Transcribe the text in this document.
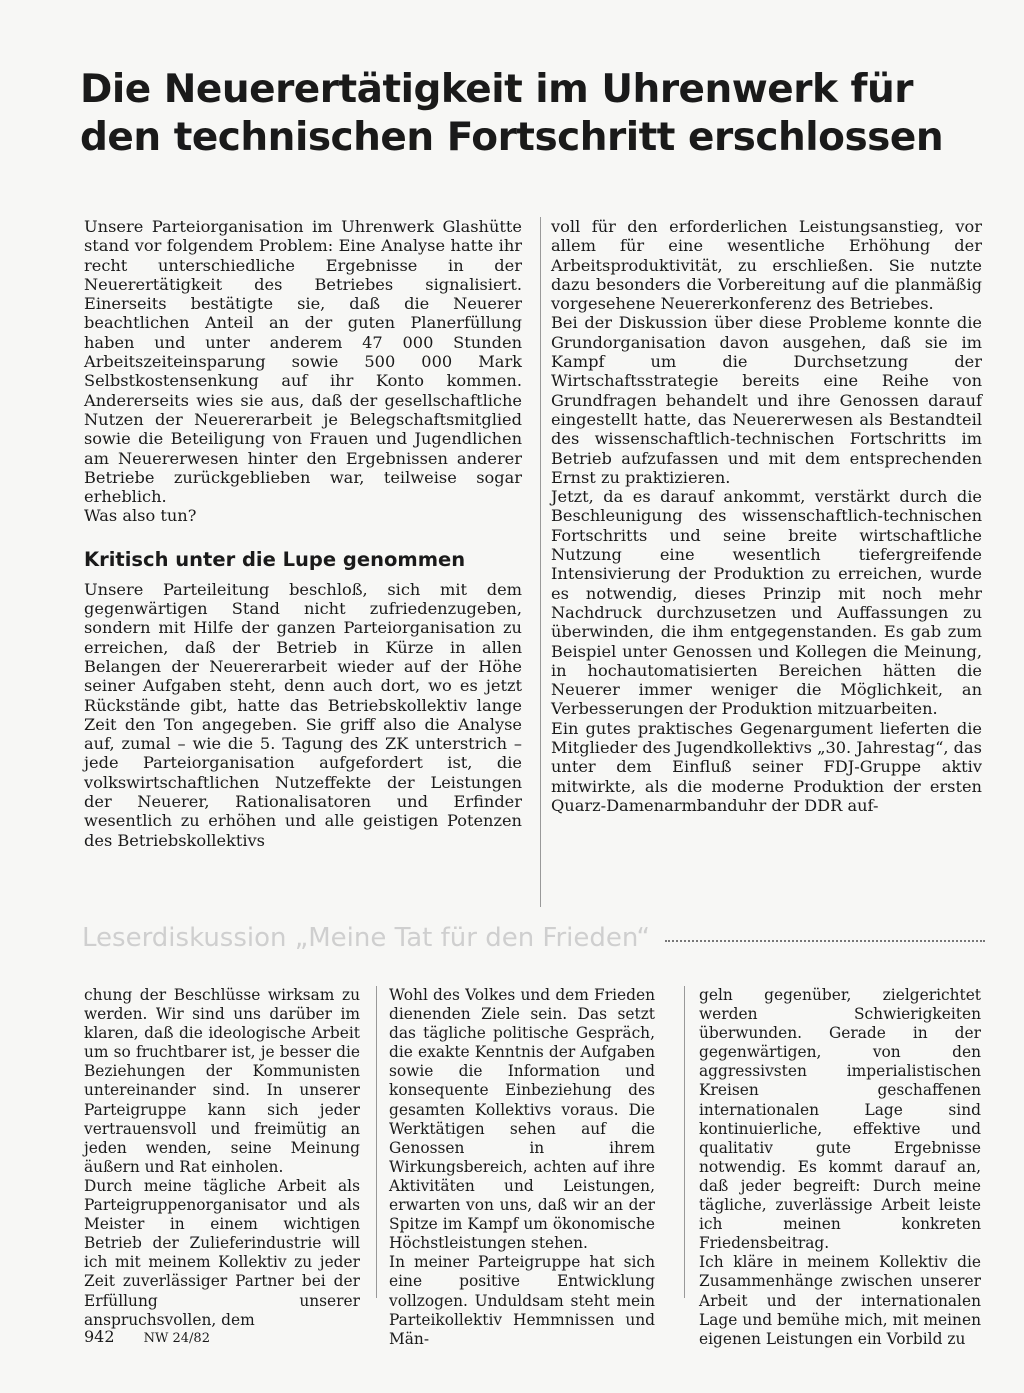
Die Neuerertätigkeit im Uhrenwerk für den technischen Fortschritt erschlossen

Unsere Parteiorganisation im Uhrenwerk Glashütte stand vor folgendem Problem: Eine Analyse hatte ihr recht unterschiedliche Ergebnisse in der Neuerertätigkeit des Betriebes signalisiert. Einerseits bestätigte sie, daß die Neuerer beachtlichen Anteil an der guten Planerfüllung haben und unter anderem 47 000 Stunden Arbeitszeiteinsparung sowie 500 000 Mark Selbstkostensenkung auf ihr Konto kommen. Andererseits wies sie aus, daß der gesellschaftliche Nutzen der Neuererarbeit je Belegschaftsmitglied sowie die Beteiligung von Frauen und Jugendlichen am Neuererwesen hinter den Ergebnissen anderer Betriebe zurückgeblieben war, teilweise sogar erheblich.

Was also tun?

Kritisch unter die Lupe genommen

Unsere Parteileitung beschloß, sich mit dem gegenwärtigen Stand nicht zufriedenzugeben, sondern mit Hilfe der ganzen Parteiorganisation zu erreichen, daß der Betrieb in Kürze in allen Belangen der Neuererarbeit wieder auf der Höhe seiner Aufgaben steht, denn auch dort, wo es jetzt Rückstände gibt, hatte das Betriebskollektiv lange Zeit den Ton angegeben. Sie griff also die Analyse auf, zumal – wie die 5. Tagung des ZK unterstrich – jede Parteiorganisation aufgefordert ist, die volkswirtschaftlichen Nutzeffekte der Leistungen der Neuerer, Rationalisatoren und Erfinder wesentlich zu erhöhen und alle geistigen Potenzen des Betriebskollektivs

voll für den erforderlichen Leistungsanstieg, vor allem für eine wesentliche Erhöhung der Arbeitsproduktivität, zu erschließen. Sie nutzte dazu besonders die Vorbereitung auf die planmäßig vorgesehene Neuererkonferenz des Betriebes.

Bei der Diskussion über diese Probleme konnte die Grundorganisation davon ausgehen, daß sie im Kampf um die Durchsetzung der Wirtschaftsstrategie bereits eine Reihe von Grundfragen behandelt und ihre Genossen darauf eingestellt hatte, das Neuererwesen als Bestandteil des wissenschaftlich-technischen Fortschritts im Betrieb aufzufassen und mit dem entsprechenden Ernst zu praktizieren.

Jetzt, da es darauf ankommt, verstärkt durch die Beschleunigung des wissenschaftlich-technischen Fortschritts und seine breite wirtschaftliche Nutzung eine wesentlich tiefergreifende Intensivierung der Produktion zu erreichen, wurde es notwendig, dieses Prinzip mit noch mehr Nachdruck durchzusetzen und Auffassungen zu überwinden, die ihm entgegenstanden. Es gab zum Beispiel unter Genossen und Kollegen die Meinung, in hochautomatisierten Bereichen hätten die Neuerer immer weniger die Möglichkeit, an Verbesserungen der Produktion mitzuarbeiten.

Ein gutes praktisches Gegenargument lieferten die Mitglieder des Jugendkollektivs „30. Jahrestag“, das unter dem Einfluß seiner FDJ-Gruppe aktiv mitwirkte, als die moderne Produktion der ersten Quarz-Damenarmbanduhr der DDR auf-

Leserdiskussion „Meine Tat für den Frieden“

chung der Beschlüsse wirksam zu werden. Wir sind uns darüber im klaren, daß die ideologische Arbeit um so fruchtbarer ist, je besser die Beziehungen der Kommunisten untereinander sind. In unserer Parteigruppe kann sich jeder vertrauensvoll und freimütig an jeden wenden, seine Meinung äußern und Rat einholen.

Durch meine tägliche Arbeit als Parteigruppenorganisator und als Meister in einem wichtigen Betrieb der Zulieferindustrie will ich mit meinem Kollektiv zu jeder Zeit zuverlässiger Partner bei der Erfüllung unserer anspruchsvollen, dem

Wohl des Volkes und dem Frieden dienenden Ziele sein. Das setzt das tägliche politische Gespräch, die exakte Kenntnis der Aufgaben sowie die Information und konsequente Einbeziehung des gesamten Kollektivs voraus. Die Werktätigen sehen auf die Genossen in ihrem Wirkungsbereich, achten auf ihre Aktivitäten und Leistungen, erwarten von uns, daß wir an der Spitze im Kampf um ökonomische Höchstleistungen stehen.

In meiner Parteigruppe hat sich eine positive Entwicklung vollzogen. Unduldsam steht mein Parteikollektiv Hemmnissen und Män-

geln gegenüber, zielgerichtet werden Schwierigkeiten überwunden. Gerade in der gegenwärtigen, von den aggressivsten imperialistischen Kreisen geschaffenen internationalen Lage sind kontinuierliche, effektive und qualitativ gute Ergebnisse notwendig. Es kommt darauf an, daß jeder begreift: Durch meine tägliche, zuverlässige Arbeit leiste ich meinen konkreten Friedensbeitrag.

Ich kläre in meinem Kollektiv die Zusammenhänge zwischen unserer Arbeit und der internationalen Lage und bemühe mich, mit meinen eigenen Leistungen ein Vorbild zu

942 NW 24/82
